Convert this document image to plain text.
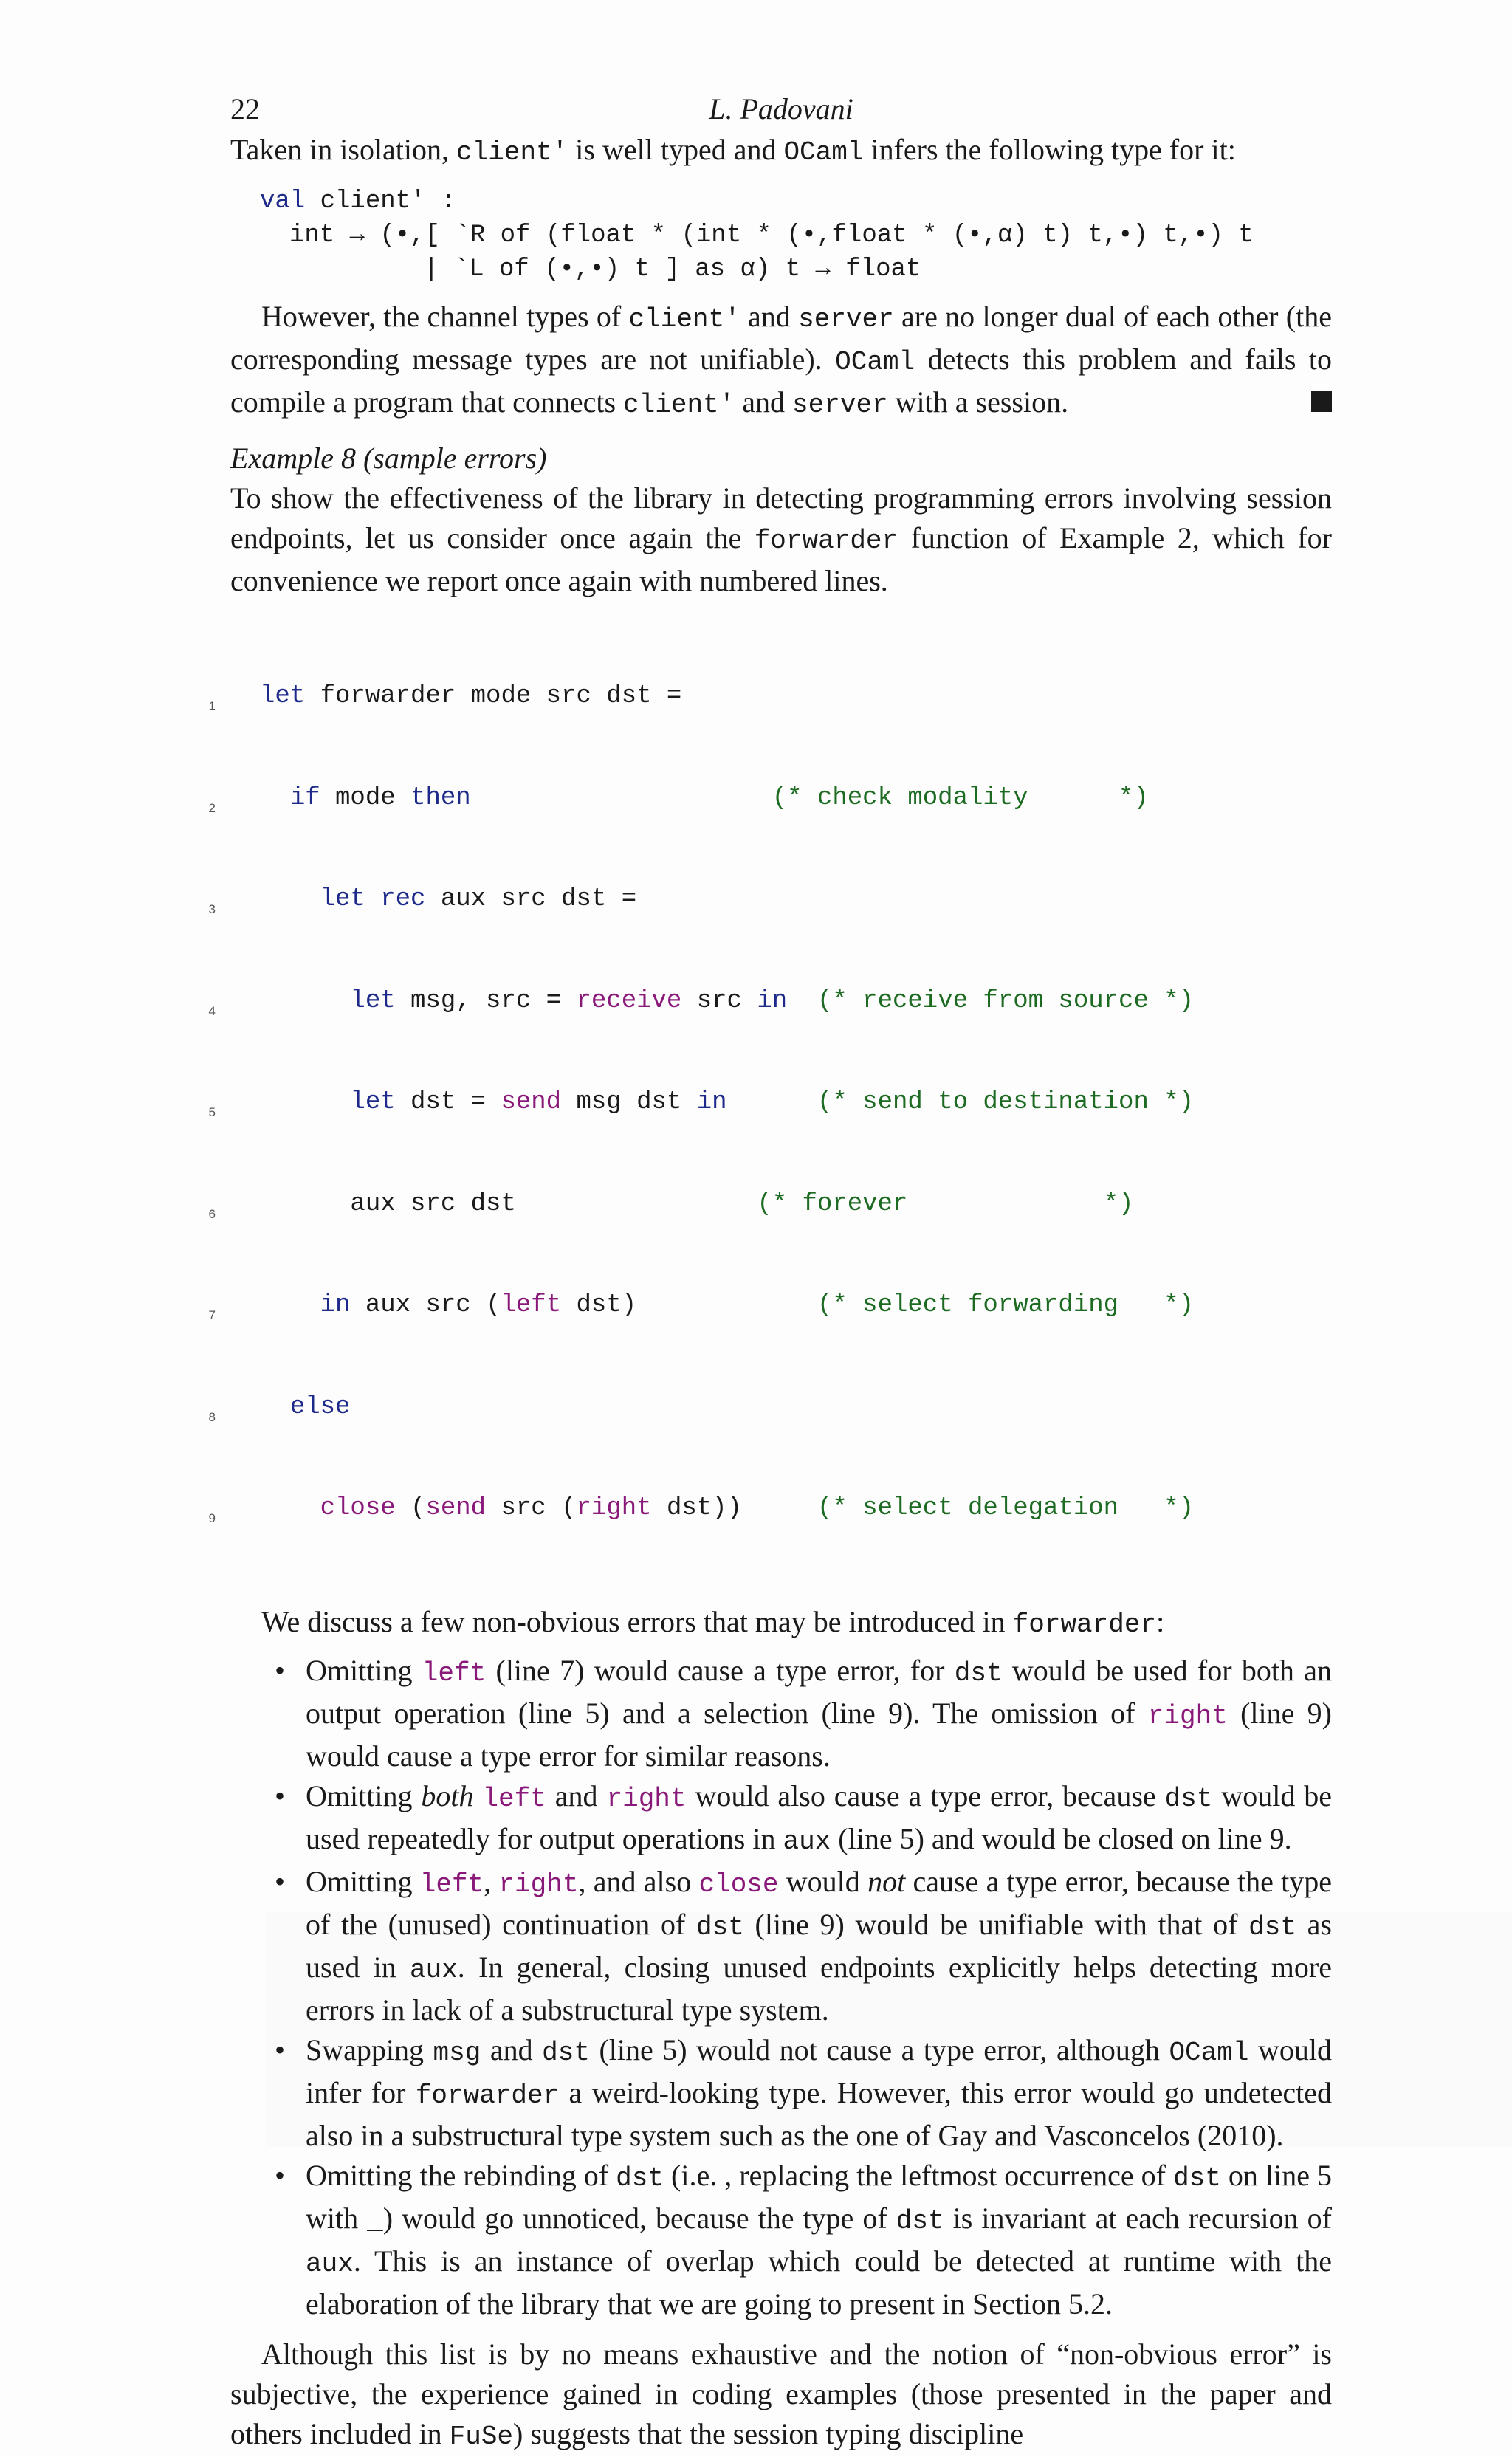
22	L. Padovani

Taken in isolation, client' is well typed and OCaml infers the following type for it:

val client' :
int → (•,[ `R of (float * (int * (•,float * (•,α) t) t,•) t,•) t
| `L of (•,•) t ] as α) t → float

However, the channel types of client' and server are no longer dual of each other (the corresponding message types are not unifiable). OCaml detects this problem and fails to compile a program that connects client' and server with a session.

Example 8 (sample errors)

To show the effectiveness of the library in detecting programming errors involving session endpoints, let us consider once again the forwarder function of Example 2, which for convenience we report once again with numbered lines.

1 let forwarder mode src dst =

2	if mode then	(* check modality      *)

3	let rec aux src dst =

4	let msg, src = receive src in (* receive from source *)

5	let dst = send msg dst in	(* send to destination *)

6 aux src dst                (* forever             *)

7	in aux src (left dst)            (* select forwarding   *)

8	else

9	close (send src (right dst))     (* select delegation   *)

We discuss a few non-obvious errors that may be introduced in forwarder:

• Omitting left (line 7) would cause a type error, for dst would be used for both an output operation (line 5) and a selection (line 9). The omission of right (line 9) would cause a type error for similar reasons.
• Omitting both left and right would also cause a type error, because dst would be used repeatedly for output operations in aux (line 5) and would be closed on line 9.
• Omitting left, right, and also close would not cause a type error, because the type of the (unused) continuation of dst (line 9) would be unifiable with that of dst as used in aux. In general, closing unused endpoints explicitly helps detecting more errors in lack of a substructural type system.
• Swapping msg and dst (line 5) would not cause a type error, although OCaml would infer for forwarder a weird-looking type. However, this error would go undetected also in a substructural type system such as the one of Gay and Vasconcelos (2010).
• Omitting the rebinding of dst (i.e. , replacing the leftmost occurrence of dst on line 5 with _) would go unnoticed, because the type of dst is invariant at each recursion of aux. This is an instance of overlap which could be detected at runtime with the elaboration of the library that we are going to present in Section 5.2.

Although this list is by no means exhaustive and the notion of “non-obvious error” is subjective, the experience gained in coding examples (those presented in the paper and others included in FuSe) suggests that the session typing discipline
